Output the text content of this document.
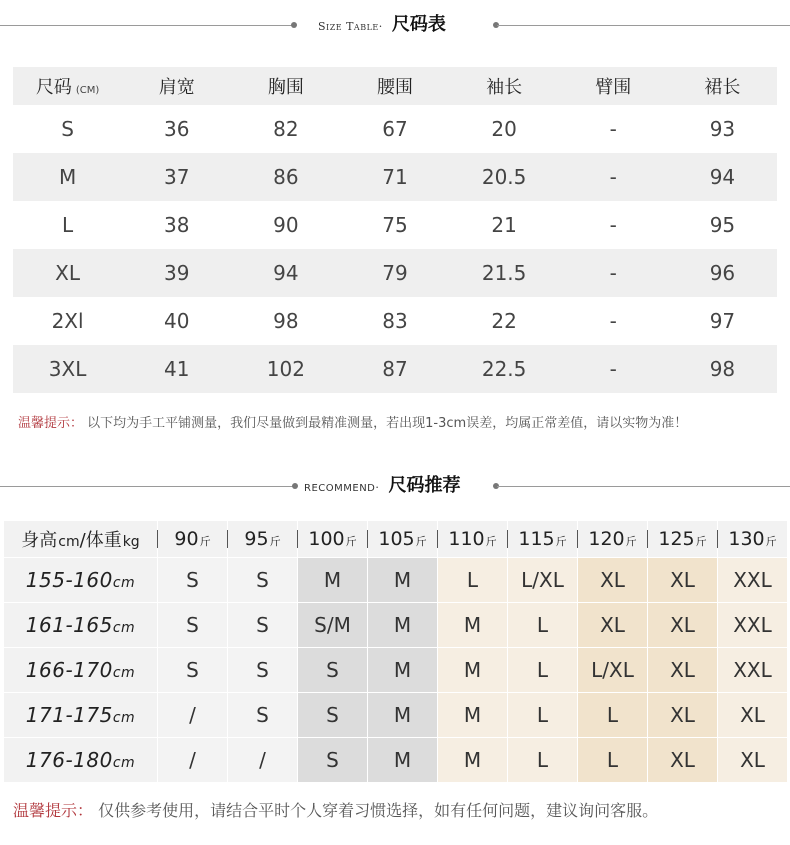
Size Table· 尺码表
尺码 (CM)	肩宽	胸围	腰围	袖长	臂围	裙长
S	36	82	67	20	-	93
M	37	86	71	20.5	-	94
L	38	90	75	21	-	95
XL	39	94	79	21.5	-	96
2Xl	40	98	83	22	-	97
3XL	41	102	87	22.5	-	98
温馨提示： 以下均为手工平铺测量，我们尽量做到最精准测量，若出现1-3cm误差，均属正常差值，请以实物为准！
RECOMMEND· 尺码推荐
身高cm/体重kg	90斤	95斤	100斤	105斤	110斤	115斤	120斤	125斤	130斤
155-160cm	S	S	M	M	L	L/XL	XL	XL	XXL
161-165cm	S	S	S/M	M	M	L	XL	XL	XXL
166-170cm	S	S	S	M	M	L	L/XL	XL	XXL
171-175cm	/	S	S	M	M	L	L	XL	XL
176-180cm	/	/	S	M	M	L	L	XL	XL
温馨提示： 仅供参考使用，请结合平时个人穿着习惯选择，如有任何问题，建议询问客服。
